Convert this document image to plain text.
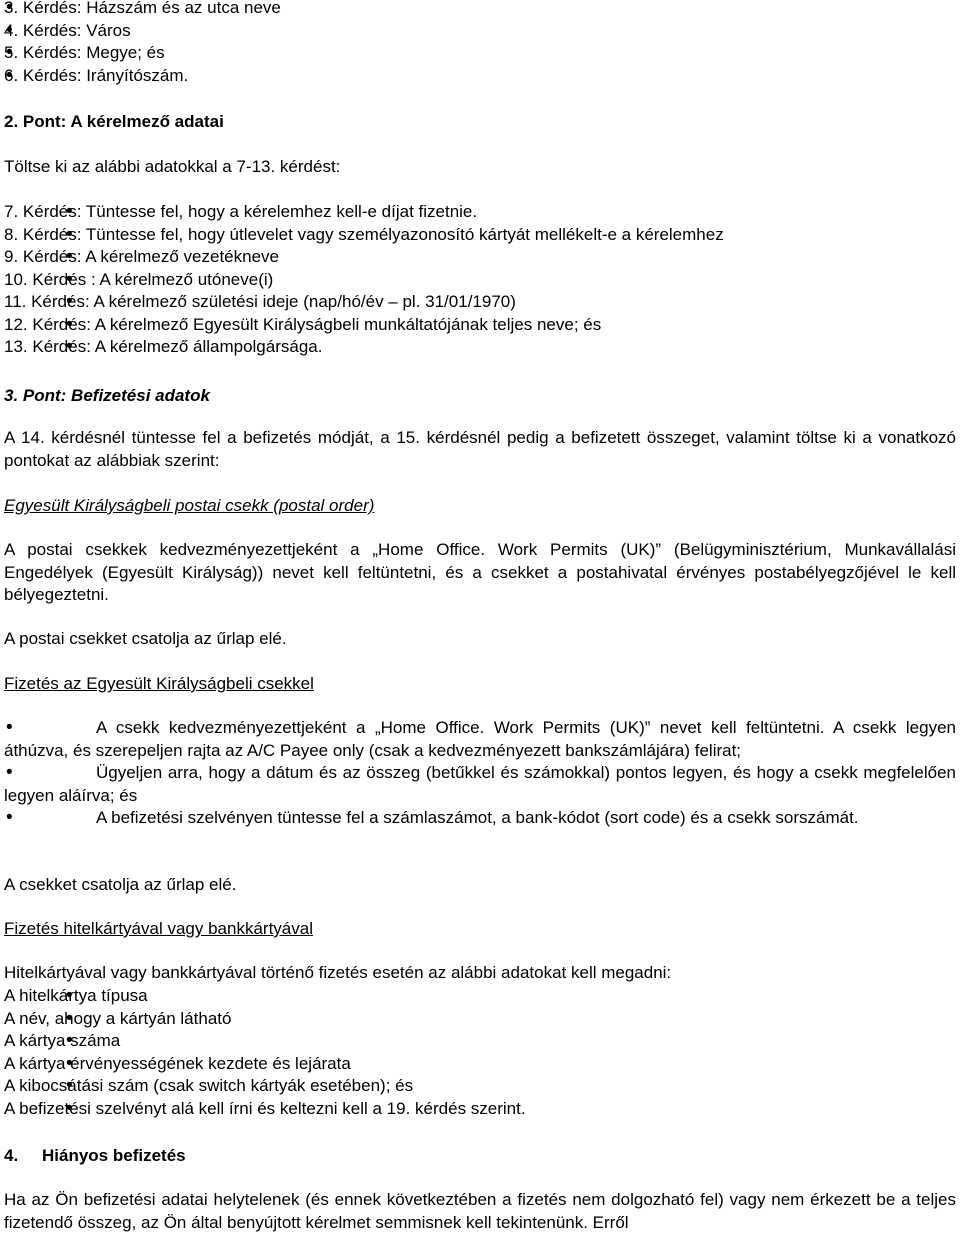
• 3. Kérdés: Házszám és az utca neve
• 4. Kérdés: Város
• 5. Kérdés: Megye; és
• 6. Kérdés: Irányítószám.

2. Pont: A kérelmező adatai

Töltse ki az alábbi adatokkal a 7-13. kérdést:

• 7. Kérdés: Tüntesse fel, hogy a kérelemhez kell-e díjat fizetnie.
• 8. Kérdés: Tüntesse fel, hogy útlevelet vagy személyazonosító kártyát mellékelt-e a kérelemhez
• 9. Kérdés: A kérelmező vezetékneve
• 10. Kérdés : A kérelmező utóneve(i)
• 11. Kérdés: A kérelmező születési ideje (nap/hó/év – pl. 31/01/1970)
• 12. Kérdés: A kérelmező Egyesült Királyságbeli munkáltatójának teljes neve; és
• 13. Kérdés: A kérelmező állampolgársága.

3. Pont: Befizetési adatok

A 14. kérdésnél tüntesse fel a befizetés módját, a 15. kérdésnél pedig a befizetett összeget, valamint töltse ki a vonatkozó pontokat az alábbiak szerint:

Egyesült Királyságbeli postai csekk (postal order)

A postai csekkek kedvezményezettjeként a „Home Office. Work Permits (UK)” (Belügyminisztérium, Munkavállalási Engedélyek (Egyesült Királyság)) nevet kell feltüntetni, és a csekket a postahivatal érvényes postabélyegzőjével le kell bélyegeztetni.

A postai csekket csatolja az űrlap elé.

Fizetés az Egyesült Királyságbeli csekkel

• A csekk kedvezményezettjeként a „Home Office. Work Permits (UK)” nevet kell feltüntetni. A csekk legyen áthúzva, és szerepeljen rajta az A/C Payee only (csak a kedvezményezett bankszámlájára) felirat;
• Ügyeljen arra, hogy a dátum és az összeg (betűkkel és számokkal) pontos legyen, és hogy a csekk megfelelően legyen aláírva; és
• A befizetési szelvényen tüntesse fel a számlaszámot, a bank-kódot (sort code) és a csekk sorszámát.

A csekket csatolja az űrlap elé.

Fizetés hitelkártyával vagy bankkártyával

Hitelkártyával vagy bankkártyával történő fizetés esetén az alábbi adatokat kell megadni:

• A hitelkártya típusa
• A név, ahogy a kártyán látható
• A kártya száma
• A kártya érvényességének kezdete és lejárata
• A kibocsátási szám (csak switch kártyák esetében); és
• A befizetési szelvényt alá kell írni és keltezni kell a 19. kérdés szerint.

4. Hiányos befizetés

Ha az Ön befizetési adatai helytelenek (és ennek következtében a fizetés nem dolgozható fel) vagy nem érkezett be a teljes fizetendő összeg, az Ön által benyújtott kérelmet semmisnek kell tekintenünk. Erről
